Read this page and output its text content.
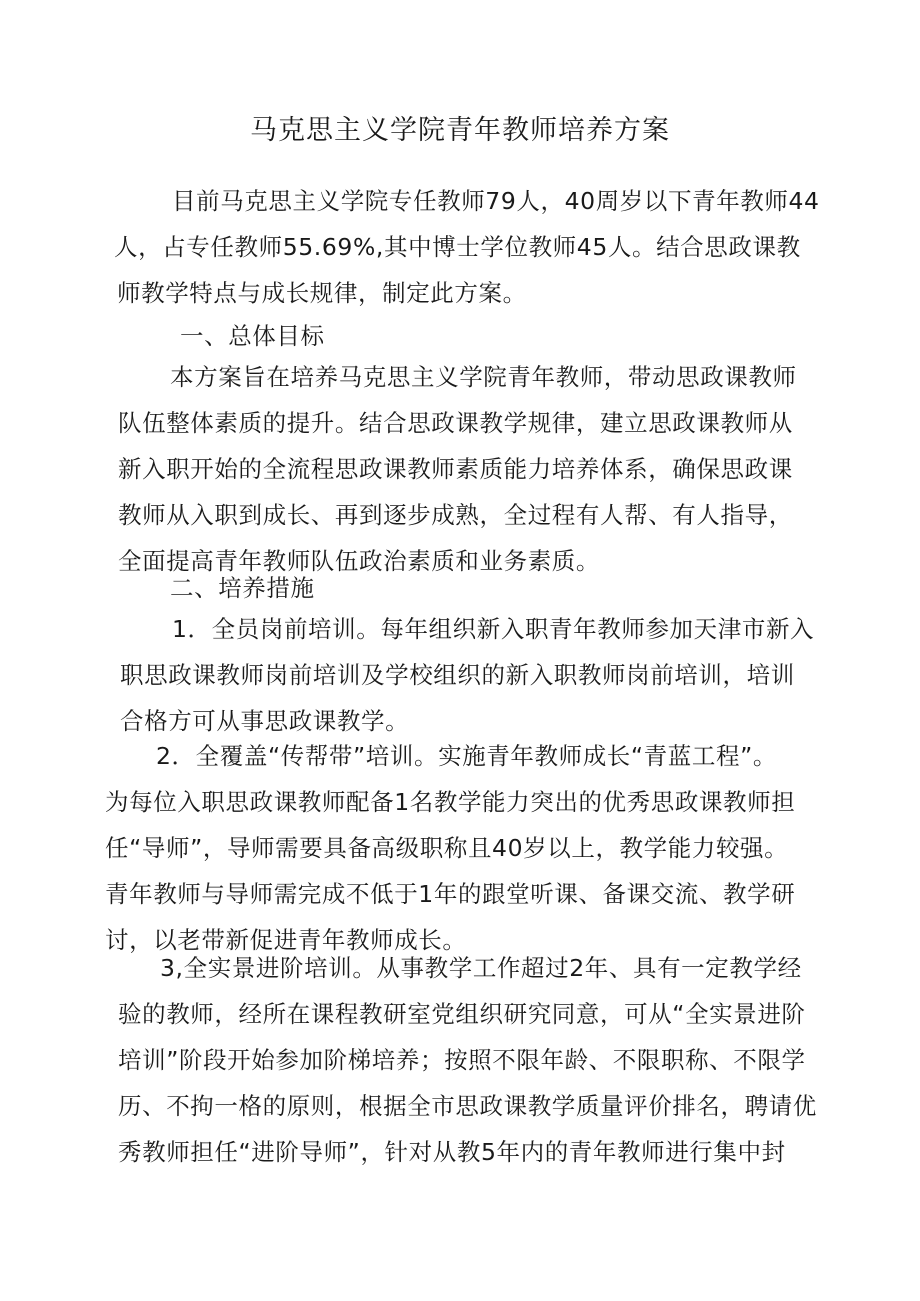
马克思主义学院青年教师培养方案
目前马克思主义学院专任教师79人，40周岁以下青年教师44
人，占专任教师55.69%,其中博士学位教师45人。结合思政课教
师教学特点与成长规律，制定此方案。
一、总体目标
本方案旨在培养马克思主义学院青年教师，带动思政课教师
队伍整体素质的提升。结合思政课教学规律，建立思政课教师从
新入职开始的全流程思政课教师素质能力培养体系，确保思政课
教师从入职到成长、再到逐步成熟，全过程有人帮、有人指导，
全面提高青年教师队伍政治素质和业务素质。
二、培养措施
1．全员岗前培训。每年组织新入职青年教师参加天津市新入
职思政课教师岗前培训及学校组织的新入职教师岗前培训，培训
合格方可从事思政课教学。
2．全覆盖“传帮带”培训。实施青年教师成长“青蓝工程”。
为每位入职思政课教师配备1名教学能力突出的优秀思政课教师担
任“导师”，导师需要具备高级职称且40岁以上，教学能力较强。
青年教师与导师需完成不低于1年的跟堂听课、备课交流、教学研
讨，以老带新促进青年教师成长。
3,全实景进阶培训。从事教学工作超过2年、具有一定教学经
验的教师，经所在课程教研室党组织研究同意，可从“全实景进阶
培训”阶段开始参加阶梯培养；按照不限年龄、不限职称、不限学
历、不拘一格的原则，根据全市思政课教学质量评价排名，聘请优
秀教师担任“进阶导师”，针对从教5年内的青年教师进行集中封
